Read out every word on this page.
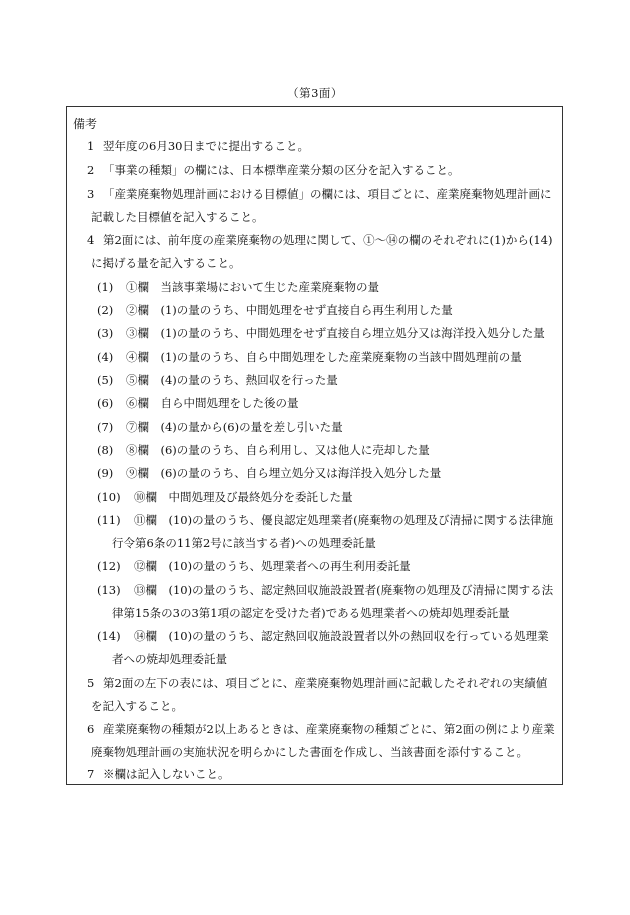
（第3面）
備考
1 翌年度の6月30日までに提出すること。
2 「事業の種類」の欄には、日本標準産業分類の区分を記入すること。
3 「産業廃棄物処理計画における目標値」の欄には、項目ごとに、産業廃棄物処理計画に
記載した目標値を記入すること。
4 第2面には、前年度の産業廃棄物の処理に関して、①～⑭の欄のそれぞれに(1)から(14)
に掲げる量を記入すること。
(1) ①欄　当該事業場において生じた産業廃棄物の量
(2) ②欄　(1)の量のうち、中間処理をせず直接自ら再生利用した量
(3) ③欄　(1)の量のうち、中間処理をせず直接自ら埋立処分又は海洋投入処分した量
(4) ④欄　(1)の量のうち、自ら中間処理をした産業廃棄物の当該中間処理前の量
(5) ⑤欄　(4)の量のうち、熱回収を行った量
(6) ⑥欄　自ら中間処理をした後の量
(7) ⑦欄　(4)の量から(6)の量を差し引いた量
(8) ⑧欄　(6)の量のうち、自ら利用し、又は他人に売却した量
(9) ⑨欄　(6)の量のうち、自ら埋立処分又は海洋投入処分した量
(10) ⑩欄　中間処理及び最終処分を委託した量
(11) ⑪欄　(10)の量のうち、優良認定処理業者(廃棄物の処理及び清掃に関する法律施
行令第6条の11第2号に該当する者)への処理委託量
(12) ⑫欄　(10)の量のうち、処理業者への再生利用委託量
(13) ⑬欄　(10)の量のうち、認定熱回収施設設置者(廃棄物の処理及び清掃に関する法
律第15条の3の3第1項の認定を受けた者)である処理業者への焼却処理委託量
(14) ⑭欄　(10)の量のうち、認定熱回収施設設置者以外の熱回収を行っている処理業
者への焼却処理委託量
5 第2面の左下の表には、項目ごとに、産業廃棄物処理計画に記載したそれぞれの実績値
を記入すること。
6 産業廃棄物の種類が2以上あるときは、産業廃棄物の種類ごとに、第2面の例により産業
廃棄物処理計画の実施状況を明らかにした書面を作成し、当該書面を添付すること。
7 ※欄は記入しないこと。
